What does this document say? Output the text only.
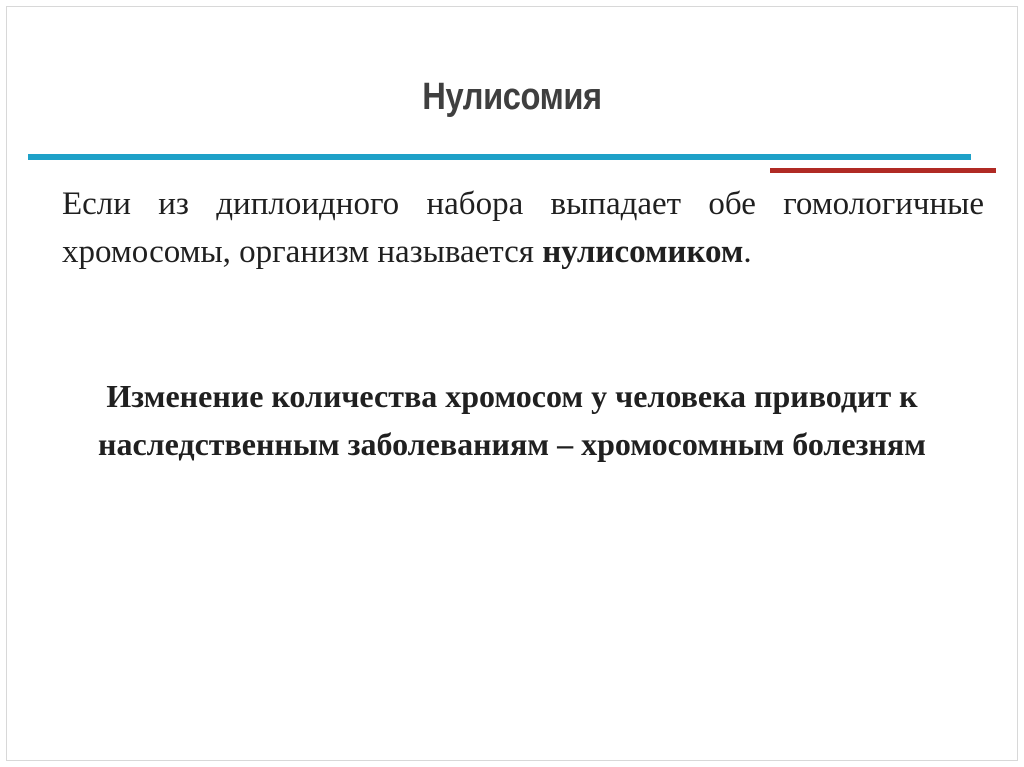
Нулисомия
Если из диплоидного набора выпадает обе гомологичные хромосомы, организм называется нулисомиком.
Изменение количества хромосом у человека приводит к наследственным заболеваниям – хромосомным болезням
